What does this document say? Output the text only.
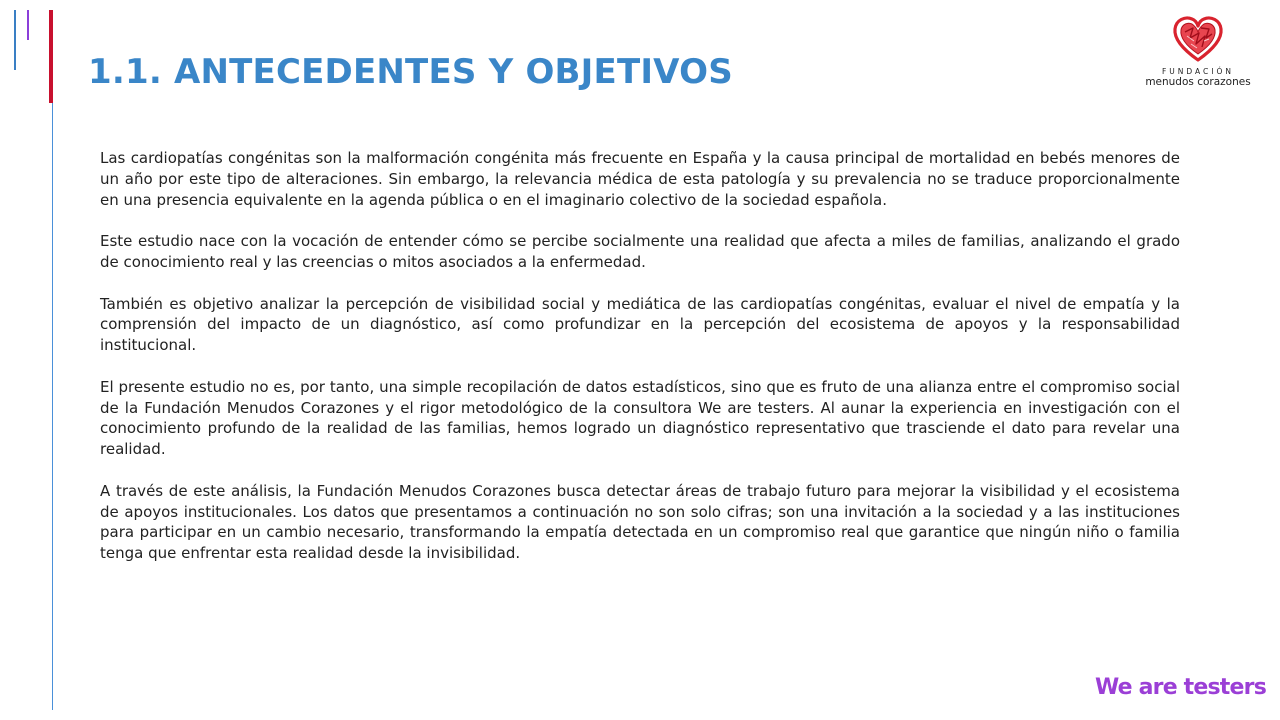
1.1. ANTECEDENTES Y OBJETIVOS	FUNDACIÓN
menudos corazones

Las cardiopatías congénitas son la malformación congénita más frecuente en España y la causa principal de mortalidad en bebés menores de un año por este tipo de alteraciones. Sin embargo, la relevancia médica de esta patología y su prevalencia no se traduce proporcionalmente en una presencia equivalente en la agenda pública o en el imaginario colectivo de la sociedad española.

Este estudio nace con la vocación de entender cómo se percibe socialmente una realidad que afecta a miles de familias, analizando el grado de conocimiento real y las creencias o mitos asociados a la enfermedad.

También es objetivo analizar la percepción de visibilidad social y mediática de las cardiopatías congénitas, evaluar el nivel de empatía y la comprensión del impacto de un diagnóstico, así como profundizar en la percepción del ecosistema de apoyos y la responsabilidad institucional.

El presente estudio no es, por tanto, una simple recopilación de datos estadísticos, sino que es fruto de una alianza entre el compromiso social de la Fundación Menudos Corazones y el rigor metodológico de la consultora We are testers. Al aunar la experiencia en investigación con el conocimiento profundo de la realidad de las familias, hemos logrado un diagnóstico representativo que trasciende el dato para revelar una realidad.

A través de este análisis, la Fundación Menudos Corazones busca detectar áreas de trabajo futuro para mejorar la visibilidad y el ecosistema de apoyos institucionales. Los datos que presentamos a continuación no son solo cifras; son una invitación a la sociedad y a las instituciones para participar en un cambio necesario, transformando la empatía detectada en un compromiso real que garantice que ningún niño o familia tenga que enfrentar esta realidad desde la invisibilidad.

We are testers
